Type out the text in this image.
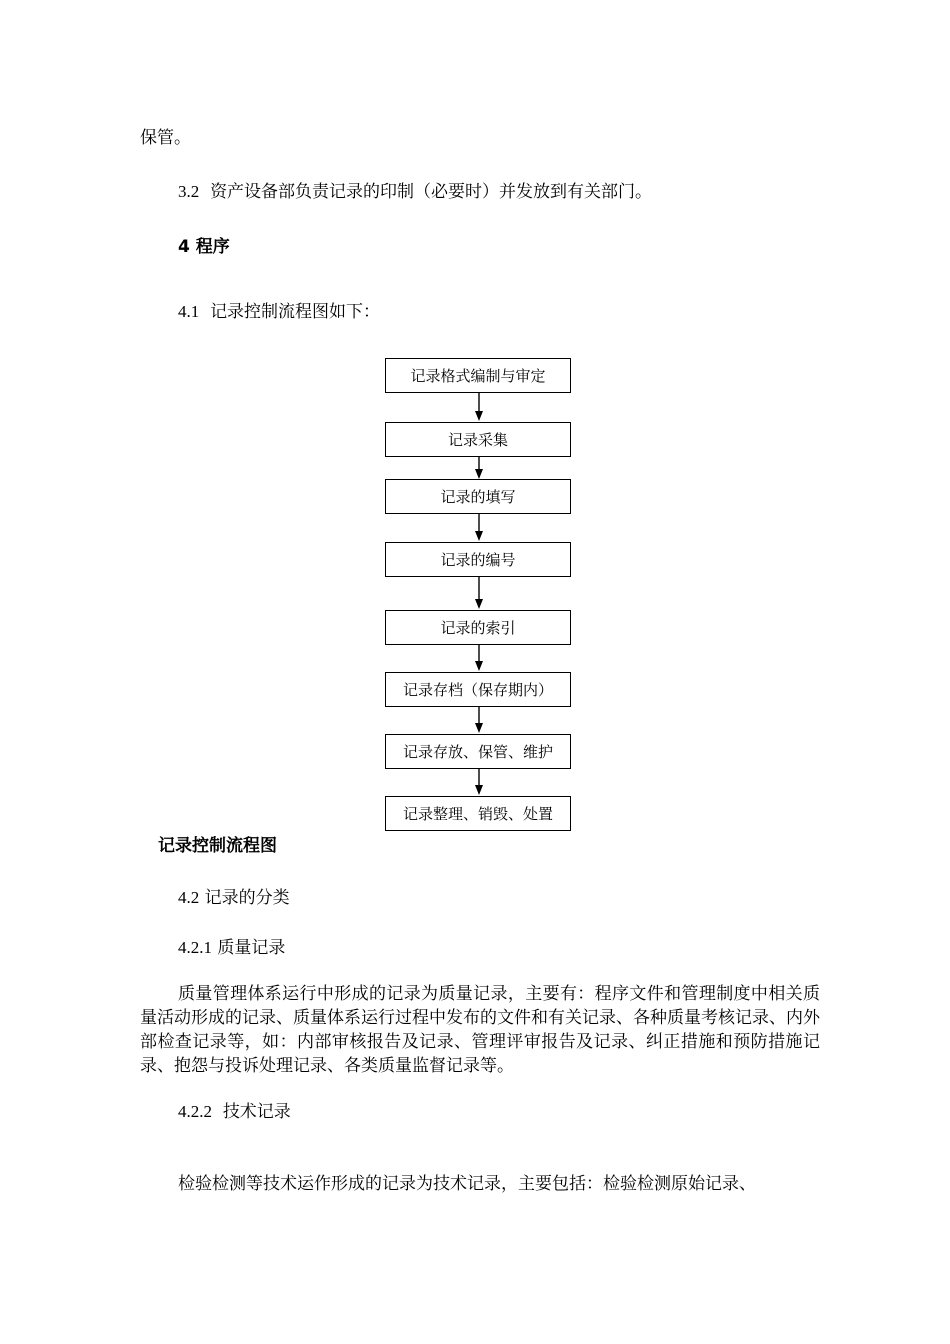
保管。
3.2 资产设备部负责记录的印制（必要时）并发放到有关部门。
4 程序
4.1 记录控制流程图如下：
记录格式编制与审定
记录采集
记录的填写
记录的编号
记录的索引
记录存档（保存期内）
记录存放、保管、维护
记录整理、销毁、处置
记录控制流程图
4.2 记录的分类
4.2.1 质量记录
质量管理体系运行中形成的记录为质量记录，主要有：程序文件和管理制度中相关质量活动形成的记录、质量体系运行过程中发布的文件和有关记录、各种质量考核记录、内外部检查记录等，如：内部审核报告及记录、管理评审报告及记录、纠正措施和预防措施记录、抱怨与投诉处理记录、各类质量监督记录等。
4.2.2 技术记录
检验检测等技术运作形成的记录为技术记录，主要包括：检验检测原始记录、
